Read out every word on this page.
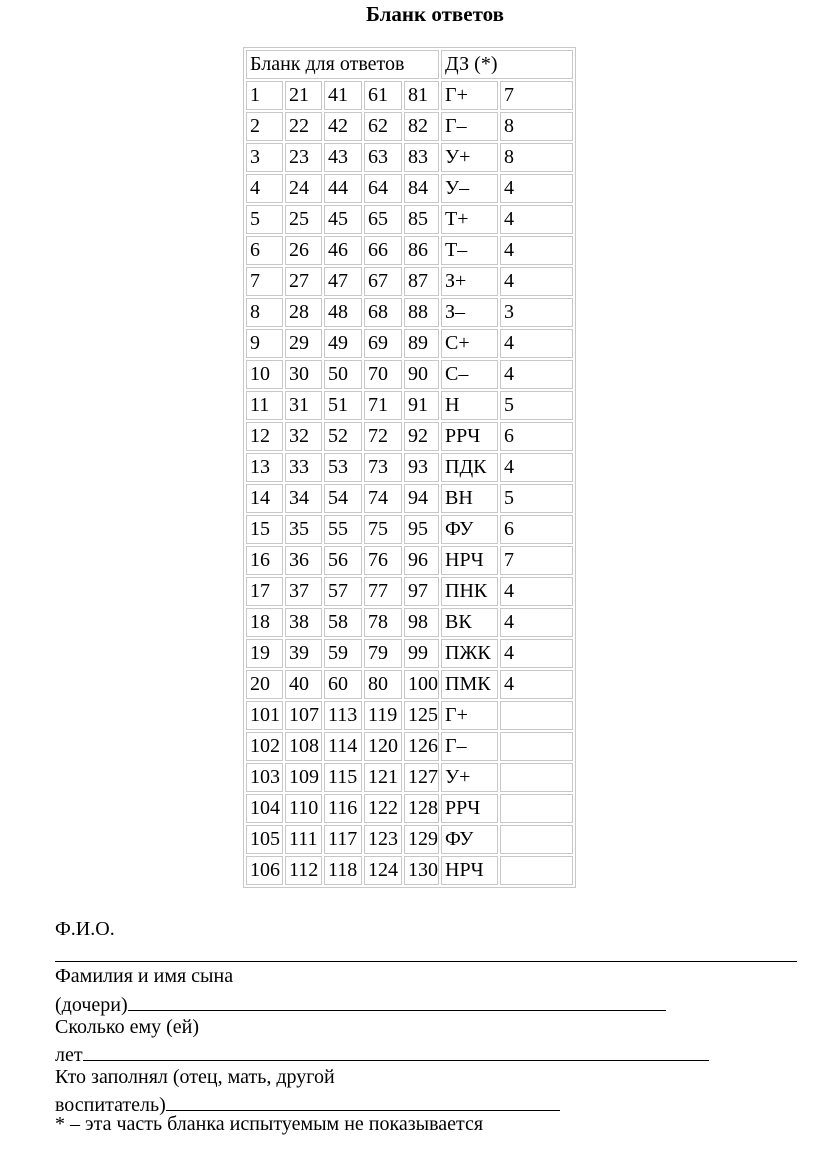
Бланк ответов
Бланк для ответов					ДЗ (*)	
1	21	41	61	81	Г+	7
2	22	42	62	82	Г–	8
3	23	43	63	83	У+	8
4	24	44	64	84	У–	4
5	25	45	65	85	Т+	4
6	26	46	66	86	Т–	4
7	27	47	67	87	З+	4
8	28	48	68	88	З–	3
9	29	49	69	89	С+	4
10	30	50	70	90	С–	4
11	31	51	71	91	Н	5
12	32	52	72	92	РРЧ	6
13	33	53	73	93	ПДК	4
14	34	54	74	94	ВН	5
15	35	55	75	95	ФУ	6
16	36	56	76	96	НРЧ	7
17	37	57	77	97	ПНК	4
18	38	58	78	98	ВК	4
19	39	59	79	99	ПЖК	4
20	40	60	80	100	ПМК	4
101	107	113	119	125	Г+	
102	108	114	120	126	Г–	
103	109	115	121	127	У+	
104	110	116	122	128	РРЧ	
105	111	117	123	129	ФУ	
106	112	118	124	130	НРЧ	
Ф.И.О.
Фамилия и имя сына
(дочери)
Сколько ему (ей)
лет
Кто заполнял (отец, мать, другой
воспитатель)
* – эта часть бланка испытуемым не показывается
